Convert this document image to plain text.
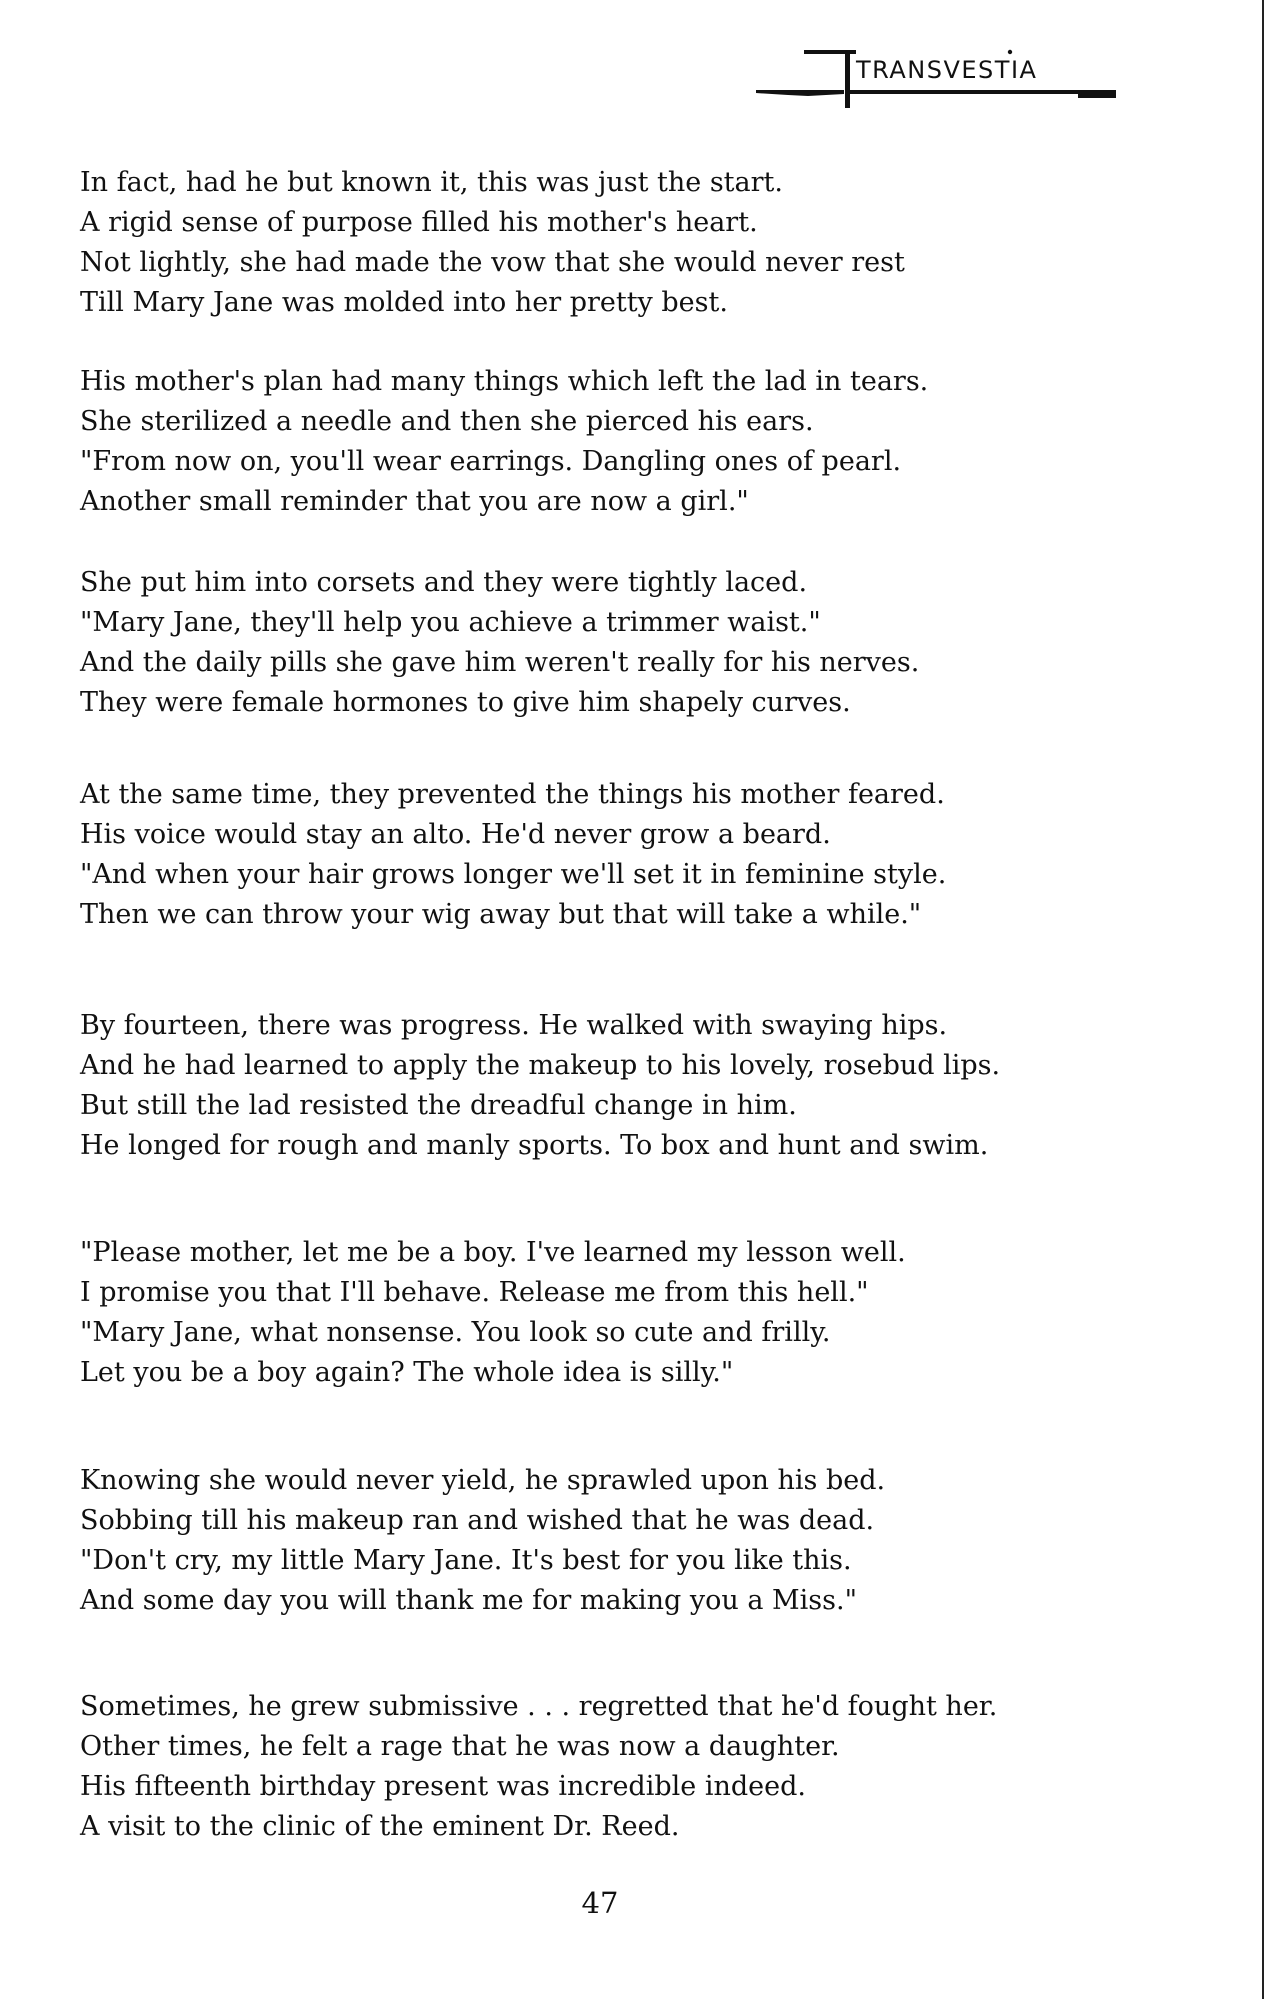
TRANSVESTIA
In fact, had he but known it, this was just the start.
A rigid sense of purpose filled his mother's heart.
Not lightly, she had made the vow that she would never rest
Till Mary Jane was molded into her pretty best.
His mother's plan had many things which left the lad in tears.
She sterilized a needle and then she pierced his ears.
"From now on, you'll wear earrings. Dangling ones of pearl.
Another small reminder that you are now a girl."
She put him into corsets and they were tightly laced.
"Mary Jane, they'll help you achieve a trimmer waist."
And the daily pills she gave him weren't really for his nerves.
They were female hormones to give him shapely curves.
At the same time, they prevented the things his mother feared.
His voice would stay an alto. He'd never grow a beard.
"And when your hair grows longer we'll set it in feminine style.
Then we can throw your wig away but that will take a while."
By fourteen, there was progress. He walked with swaying hips.
And he had learned to apply the makeup to his lovely, rosebud lips.
But still the lad resisted the dreadful change in him.
He longed for rough and manly sports. To box and hunt and swim.
"Please mother, let me be a boy. I've learned my lesson well.
I promise you that I'll behave. Release me from this hell."
"Mary Jane, what nonsense. You look so cute and frilly.
Let you be a boy again? The whole idea is silly."
Knowing she would never yield, he sprawled upon his bed.
Sobbing till his makeup ran and wished that he was dead.
"Don't cry, my little Mary Jane. It's best for you like this.
And some day you will thank me for making you a Miss."
Sometimes, he grew submissive . . . regretted that he'd fought her.
Other times, he felt a rage that he was now a daughter.
His fifteenth birthday present was incredible indeed.
A visit to the clinic of the eminent Dr. Reed.
47
